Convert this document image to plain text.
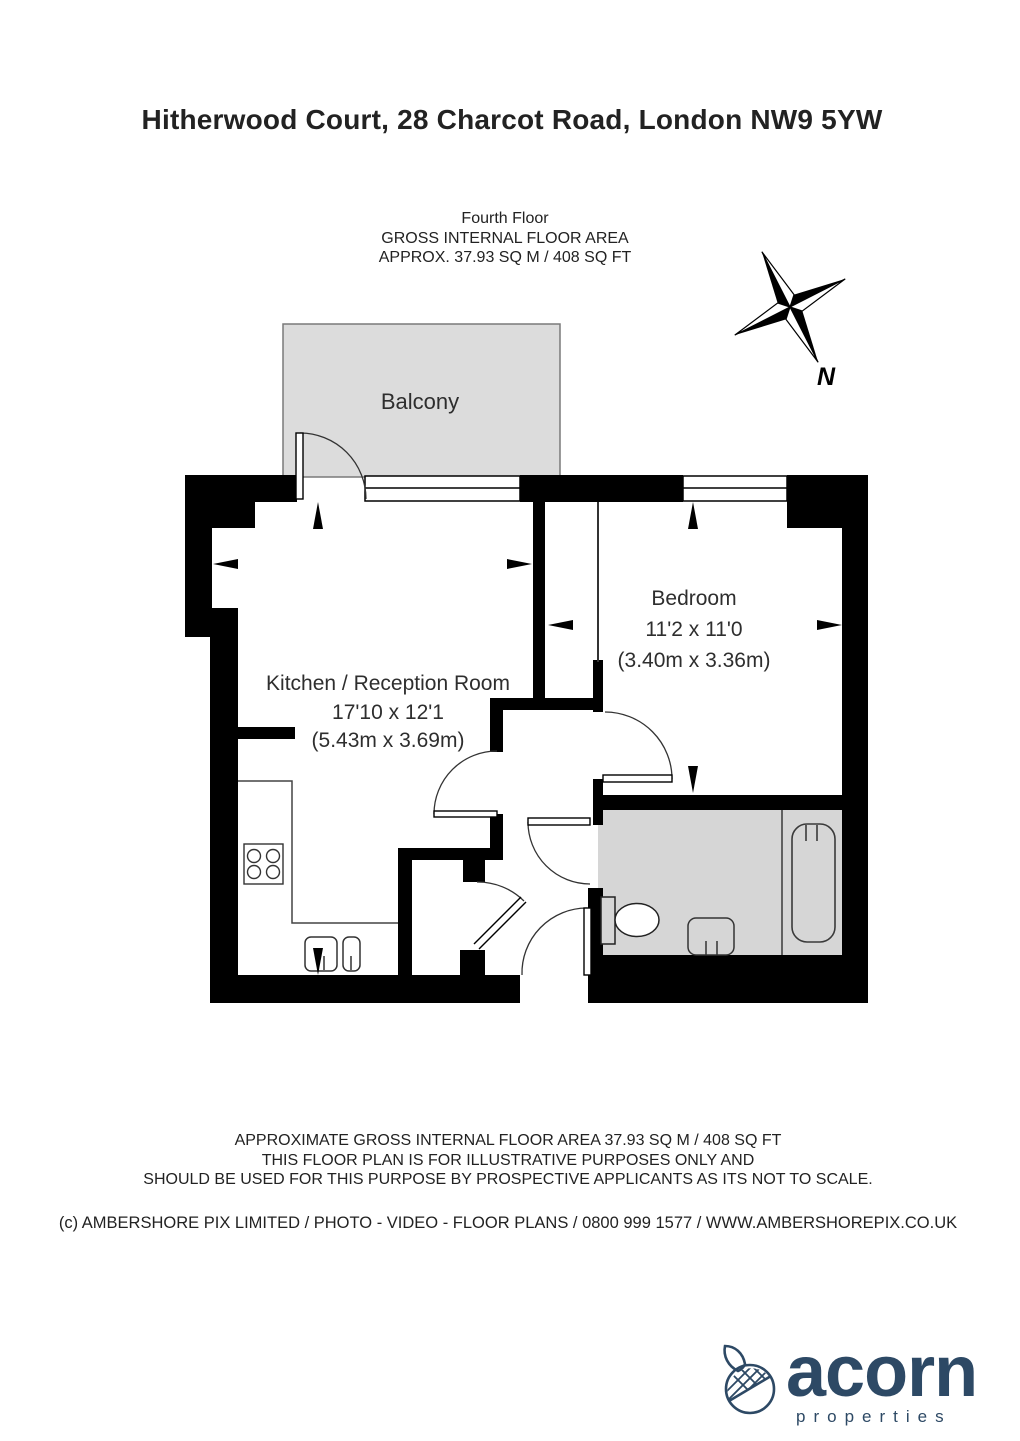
Hitherwood Court, 28 Charcot Road, London NW9 5YW
Fourth Floor
GROSS INTERNAL FLOOR AREA
APPROX. 37.93 SQ M / 408 SQ FT
Balcony
Kitchen / Reception Room
17'10 x 12'1
(5.43m x 3.69m)
Bedroom
11'2 x 11'0
(3.40m x 3.36m)
N
APPROXIMATE GROSS INTERNAL FLOOR AREA 37.93 SQ M / 408 SQ FT
THIS FLOOR PLAN IS FOR ILLUSTRATIVE PURPOSES ONLY AND
SHOULD BE USED FOR THIS PURPOSE BY PROSPECTIVE APPLICANTS AS ITS NOT TO SCALE.
(c) AMBERSHORE PIX LIMITED / PHOTO - VIDEO - FLOOR PLANS / 0800 999 1577 / WWW.AMBERSHOREPIX.CO.UK
acorn
properties
